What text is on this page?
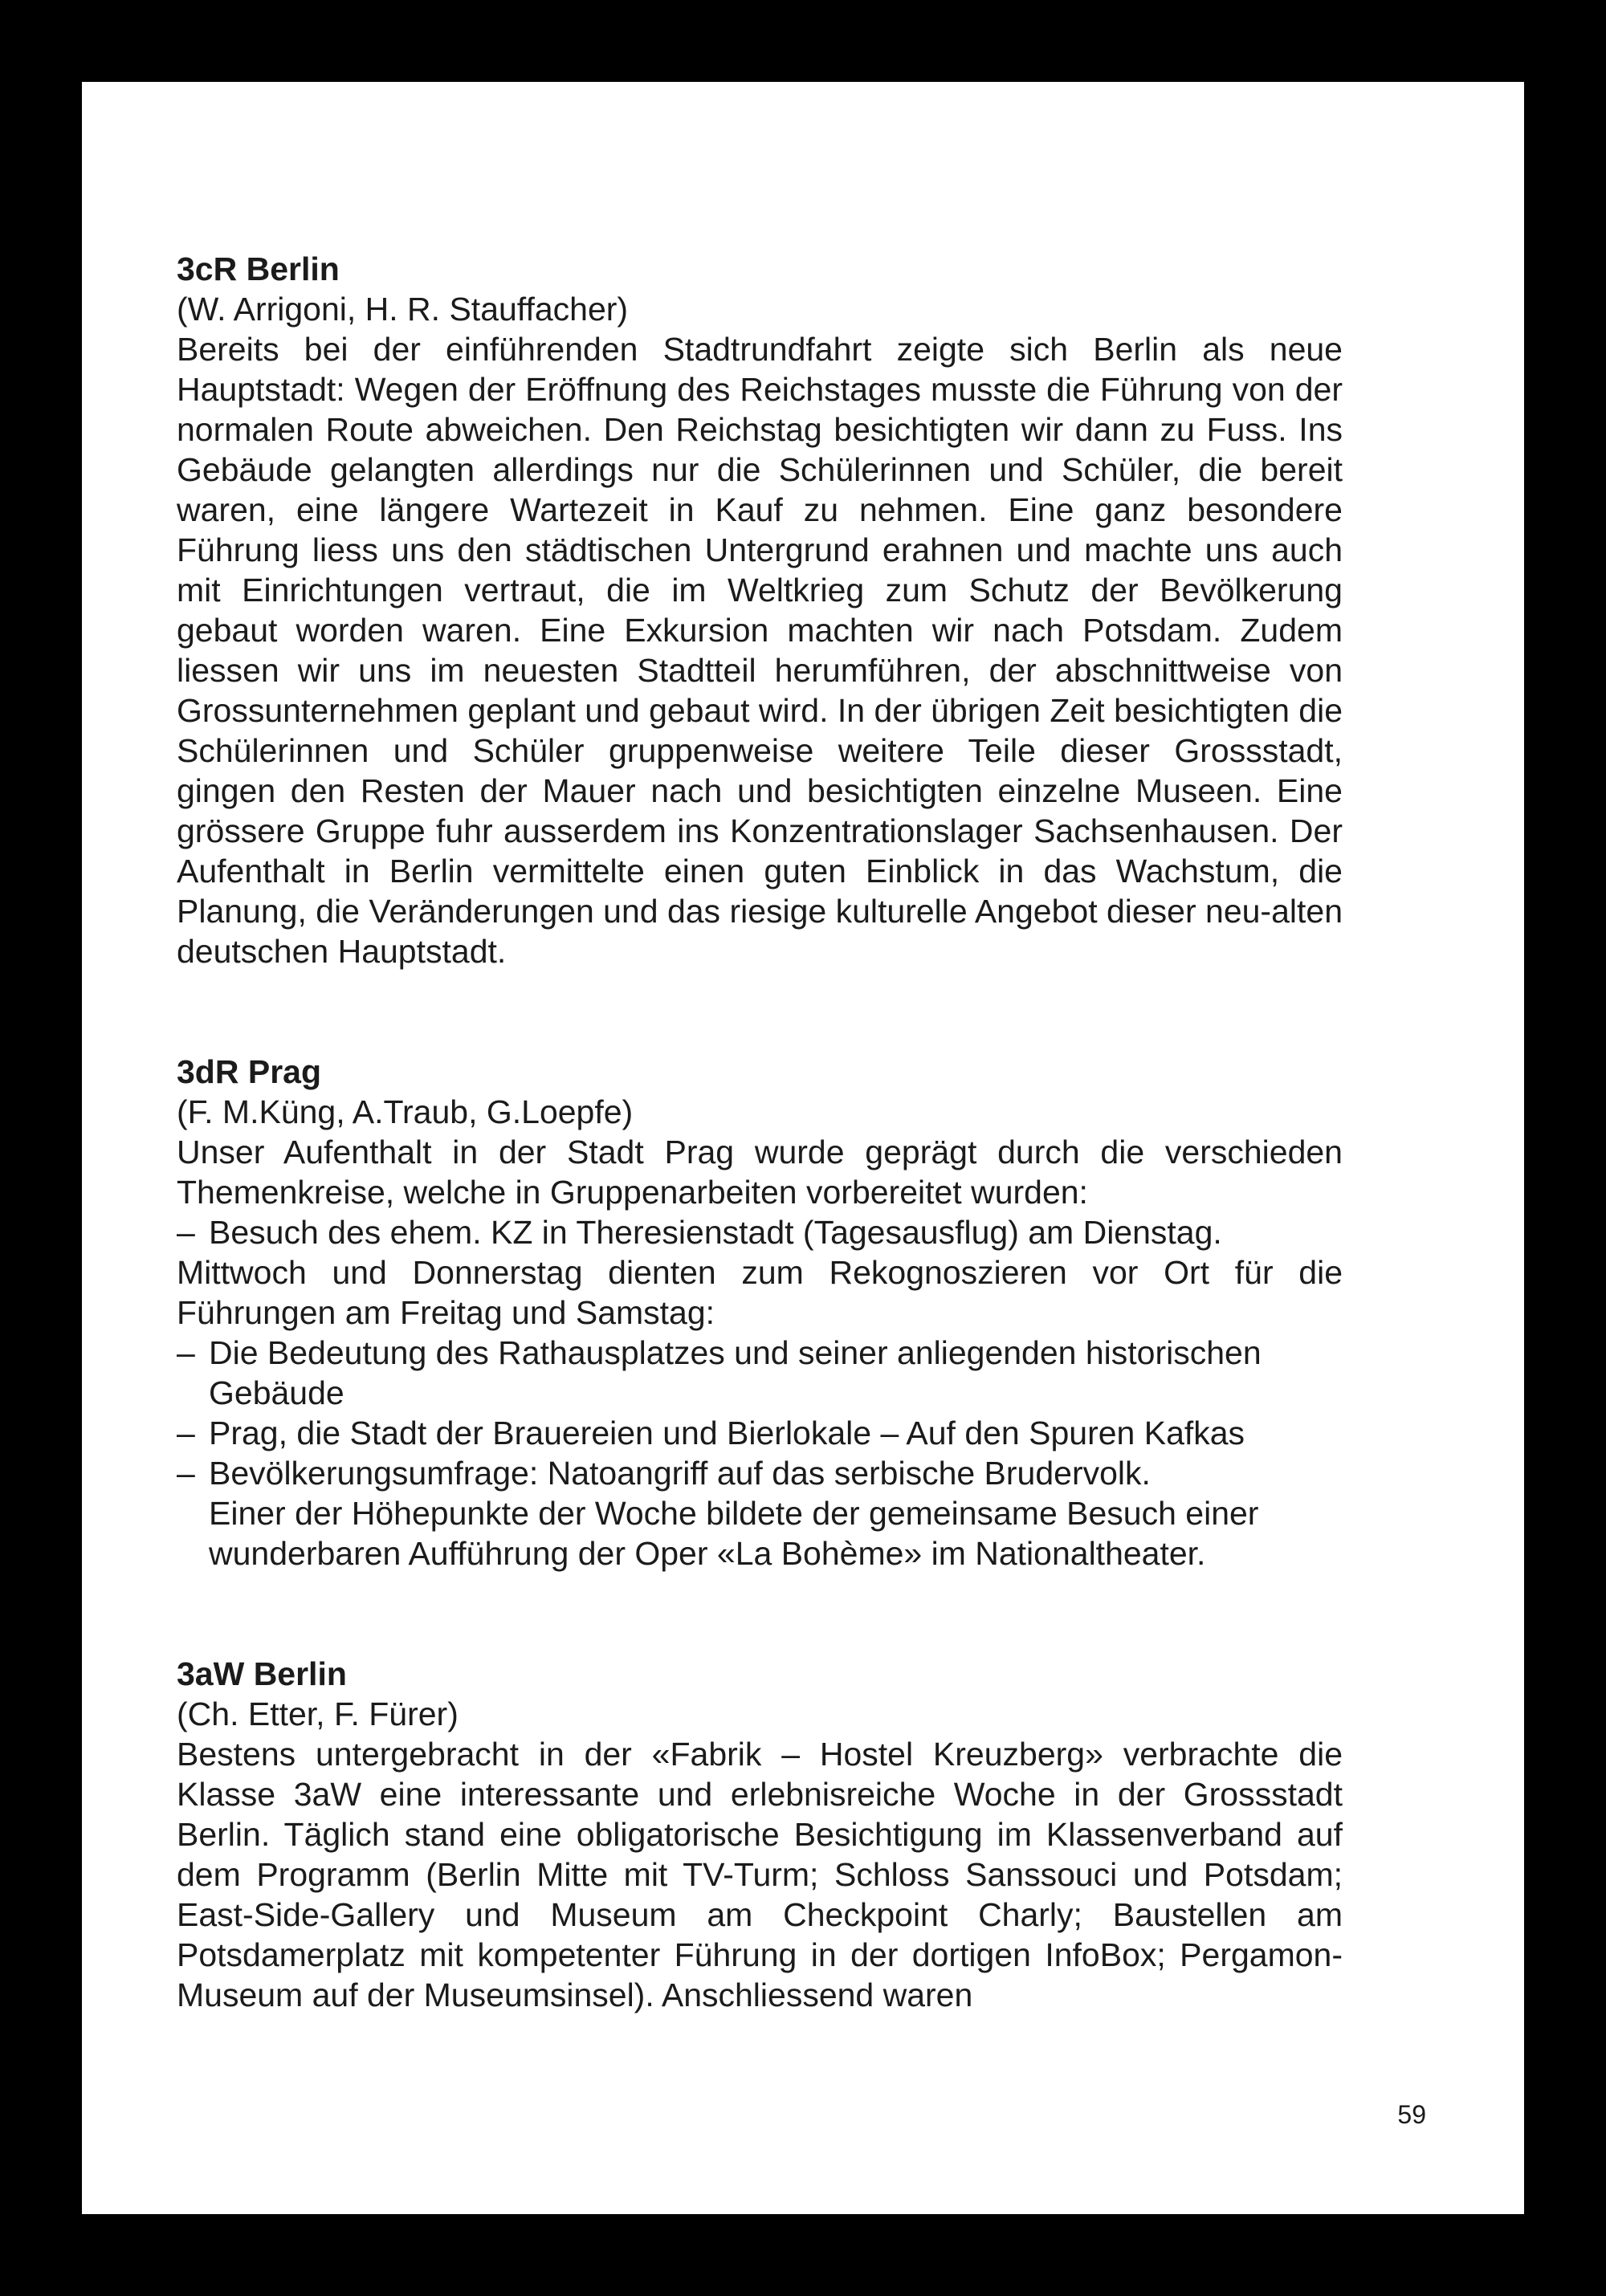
3cR Berlin

(W. Arrigoni, H. R. Stauffacher)

Bereits bei der einführenden Stadtrundfahrt zeigte sich Berlin als neue Hauptstadt: Wegen der Eröffnung des Reichstages musste die Führung von der normalen Route abweichen. Den Reichstag besichtigten wir dann zu Fuss. Ins Gebäude gelangten allerdings nur die Schülerinnen und Schüler, die bereit waren, eine längere Wartezeit in Kauf zu nehmen. Eine ganz besondere Führung liess uns den städtischen Untergrund erahnen und machte uns auch mit Einrichtungen vertraut, die im Weltkrieg zum Schutz der Bevölkerung gebaut worden waren. Eine Exkursion machten wir nach Potsdam. Zudem liessen wir uns im neuesten Stadtteil herumführen, der abschnittweise von Grossunternehmen geplant und gebaut wird. In der übrigen Zeit besichtigten die Schülerinnen und Schüler gruppenweise weitere Teile dieser Grossstadt, gingen den Resten der Mauer nach und besichtigten einzelne Museen. Eine grössere Gruppe fuhr ausserdem ins Konzentrationslager Sachsenhausen. Der Aufenthalt in Berlin vermittelte einen guten Einblick in das Wachstum, die Planung, die Veränderungen und das riesige kulturelle Angebot dieser neu-alten deutschen Hauptstadt.

3dR Prag

(F. M.Küng, A.Traub, G.Loepfe)

Unser Aufenthalt in der Stadt Prag wurde geprägt durch die verschieden Themenkreise, welche in Gruppenarbeiten vorbereitet wurden:

– Besuch des ehem. KZ in Theresienstadt (Tagesausflug) am Dienstag.

Mittwoch und Donnerstag dienten zum Rekognoszieren vor Ort für die Führungen am Freitag und Samstag:

– Die Bedeutung des Rathausplatzes und seiner anliegenden historischen Gebäude
– Prag, die Stadt der Brauereien und Bierlokale – Auf den Spuren Kafkas
– Bevölkerungsumfrage: Natoangriff auf das serbische Brudervolk.

Einer der Höhepunkte der Woche bildete der gemeinsame Besuch einer wunderbaren Aufführung der Oper «La Bohème» im Nationaltheater.

3aW Berlin

(Ch. Etter, F. Fürer)

Bestens untergebracht in der «Fabrik – Hostel Kreuzberg» verbrachte die Klasse 3aW eine interessante und erlebnisreiche Woche in der Grossstadt Berlin. Täglich stand eine obligatorische Besichtigung im Klassenverband auf dem Programm (Berlin Mitte mit TV-Turm; Schloss Sanssouci und Potsdam; East-Side-Gallery und Museum am Checkpoint Charly; Baustellen am Potsdamerplatz mit kompetenter Führung in der dortigen InfoBox; Pergamon-Museum auf der Museumsinsel). Anschliessend waren

59
